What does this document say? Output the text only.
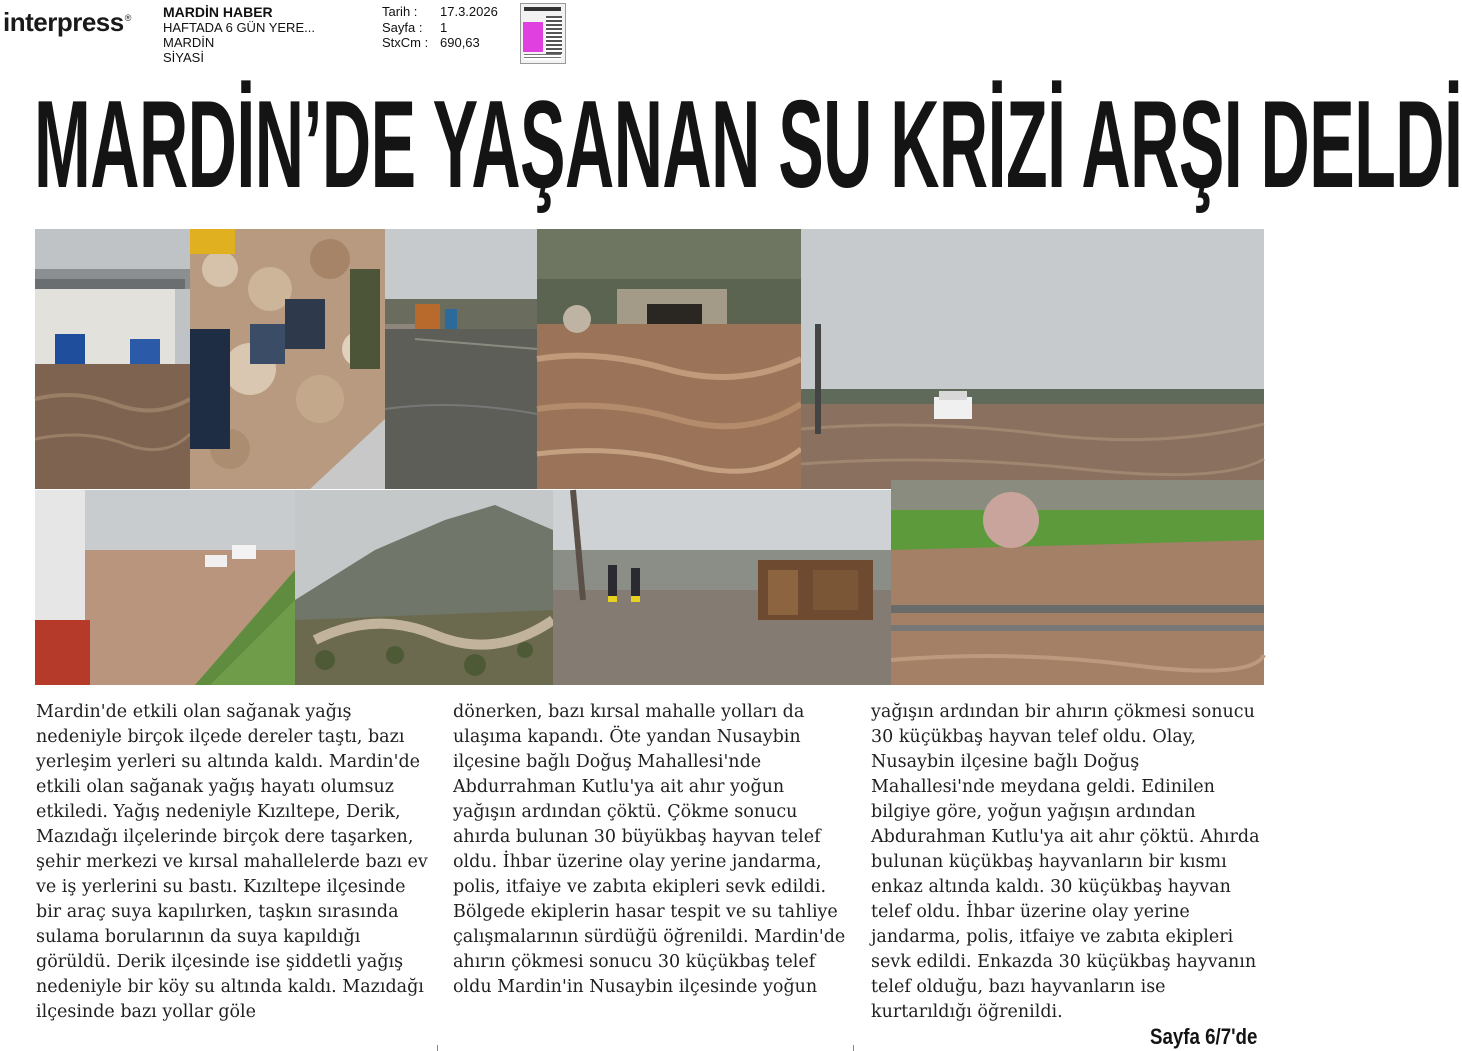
interpress® MARDİN HABER
HAFTADA 6 GÜN YERE...
MARDİN
SİYASİ
Tarih :	17.3.2026
Sayfa :	1
StxCm : 690,63
MARDİN’DE YAŞANAN SU KRİZİ ARŞI DELDİ

Mardin'de etkili olan sağanak yağış nedeniyle birçok ilçede dereler taştı, bazı yerleşim yerleri su altında kaldı. Mardin'de etkili olan sağanak yağış hayatı olumsuz etkiledi. Yağış nedeniyle Kızıltepe, Derik, Mazıdağı ilçelerinde birçok dere taşarken, şehir merkezi ve kırsal mahallelerde bazı ev ve iş yerlerini su bastı. Kızıltepe ilçesinde bir araç suya kapılırken, taşkın sırasında sulama borularının da suya kapıldığı görüldü. Derik ilçesinde ise şiddetli yağış nedeniyle bir köy su altında kaldı. Mazıdağı ilçesinde bazı yollar göle

dönerken, bazı kırsal mahalle yolları da ulaşıma kapandı. Öte yandan Nusaybin ilçesine bağlı Doğuş Mahallesi'nde Abdurrahman Kutlu'ya ait ahır yoğun yağışın ardından çöktü. Çökme sonucu ahırda bulunan 30 büyükbaş hayvan telef oldu. İhbar üzerine olay yerine jandarma, polis, itfaiye ve zabıta ekipleri sevk edildi. Bölgede ekiplerin hasar tespit ve su tahliye çalışmalarının sürdüğü öğrenildi. Mardin'de ahırın çökmesi sonucu 30 küçükbaş telef oldu Mardin'in Nusaybin ilçesinde yoğun

yağışın ardından bir ahırın çökmesi sonucu 30 küçükbaş hayvan telef oldu. Olay, Nusaybin ilçesine bağlı Doğuş Mahallesi'nde meydana geldi. Edinilen bilgiye göre, yoğun yağışın ardından Abdurahman Kutlu'ya ait ahır çöktü. Ahırda bulunan küçükbaş hayvanların bir kısmı enkaz altında kaldı. 30 küçükbaş hayvan telef oldu. İhbar üzerine olay yerine jandarma, polis, itfaiye ve zabıta ekipleri sevk edildi. Enkazda 30 küçükbaş hayvanın telef olduğu, bazı hayvanların ise kurtarıldığı öğrenildi.

Sayfa 6/7'de
